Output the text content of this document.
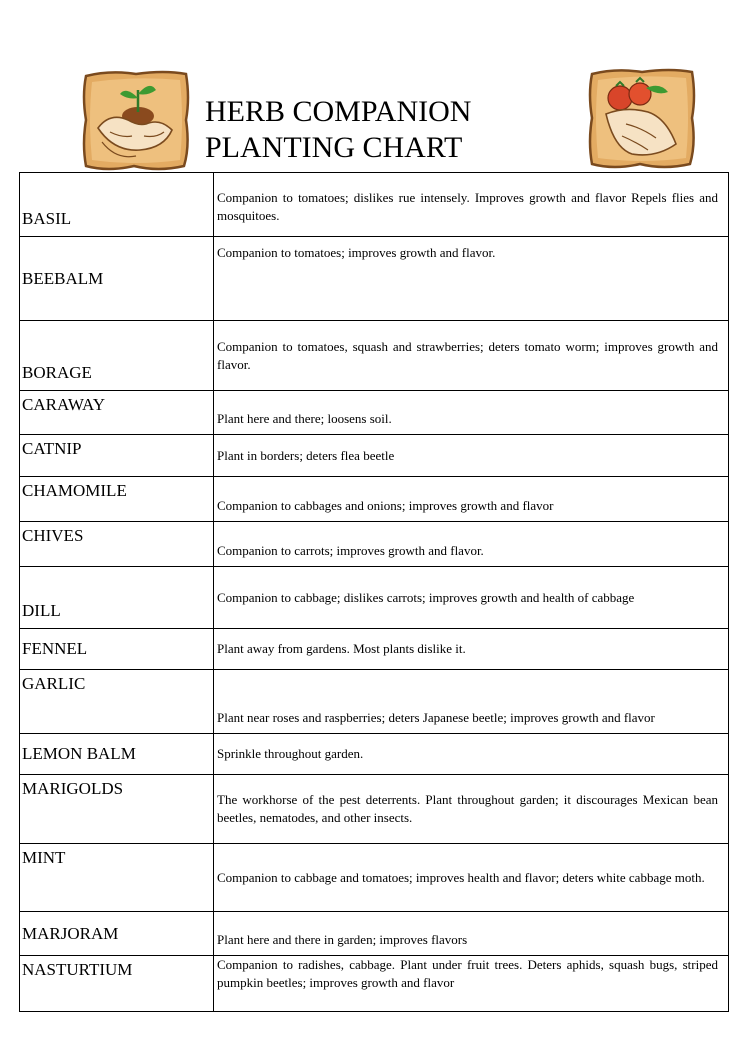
HERB COMPANION
PLANTING CHART
BASIL	Companion to tomatoes; dislikes rue intensely. Improves growth and flavor Repels flies and mosquitoes.
BEEBALM	Companion to tomatoes; improves growth and flavor.
BORAGE	Companion to tomatoes, squash and strawberries; deters tomato worm; improves growth and flavor.
CARAWAY	Plant here and there; loosens soil.
CATNIP	Plant in borders; deters flea beetle
CHAMOMILE	Companion to cabbages and onions; improves growth and flavor
CHIVES	Companion to carrots; improves growth and flavor.
DILL	Companion to cabbage; dislikes carrots; improves growth and health of cabbage
FENNEL	Plant away from gardens. Most plants dislike it.
GARLIC	Plant near roses and raspberries; deters Japanese beetle; improves growth and flavor
LEMON BALM	Sprinkle throughout garden.
MARIGOLDS	The workhorse of the pest deterrents. Plant throughout garden; it discourages Mexican bean beetles, nematodes, and other insects.
MINT	Companion to cabbage and tomatoes; improves health and flavor; deters white cabbage moth.
MARJORAM	Plant here and there in garden; improves flavors
NASTURTIUM	Companion to radishes, cabbage. Plant under fruit trees. Deters aphids, squash bugs, striped pumpkin beetles; improves growth and flavor
